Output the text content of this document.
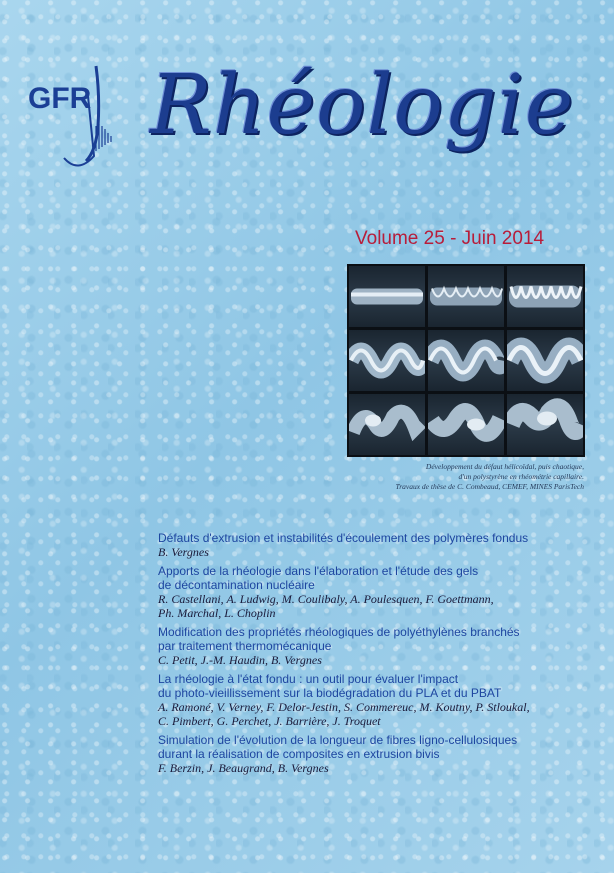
GFR Rhéologie
Volume 25 - Juin 2014
Développement du défaut hélicoïdal, puis chaotique,
d'un polystyrène en rhéométrie capillaire.
Travaux de thèse de C. Combeaud, CEMEF, MINES ParisTech
Défauts d'extrusion et instabilités d'écoulement des polymères fondus
B. Vergnes
Apports de la rhéologie dans l'élaboration et l'étude des gels
de décontamination nucléaire
R. Castellani, A. Ludwig, M. Coulibaly, A. Poulesquen, F. Goettmann,
Ph. Marchal, L. Choplin
Modification des propriétés rhéologiques de polyéthylènes branchés
par traitement thermomécanique
C. Petit, J.-M. Haudin, B. Vergnes
La rhéologie à l'état fondu : un outil pour évaluer l'impact
du photo-vieillissement sur la biodégradation du PLA et du PBAT
A. Ramoné, V. Verney, F. Delor-Jestin, S. Commereuc, M. Koutny, P. Stloukal,
C. Pimbert, G. Perchet, J. Barrière, J. Troquet
Simulation de l'évolution de la longueur de fibres ligno-cellulosiques
durant la réalisation de composites en extrusion bivis
F. Berzin, J. Beaugrand, B. Vergnes
